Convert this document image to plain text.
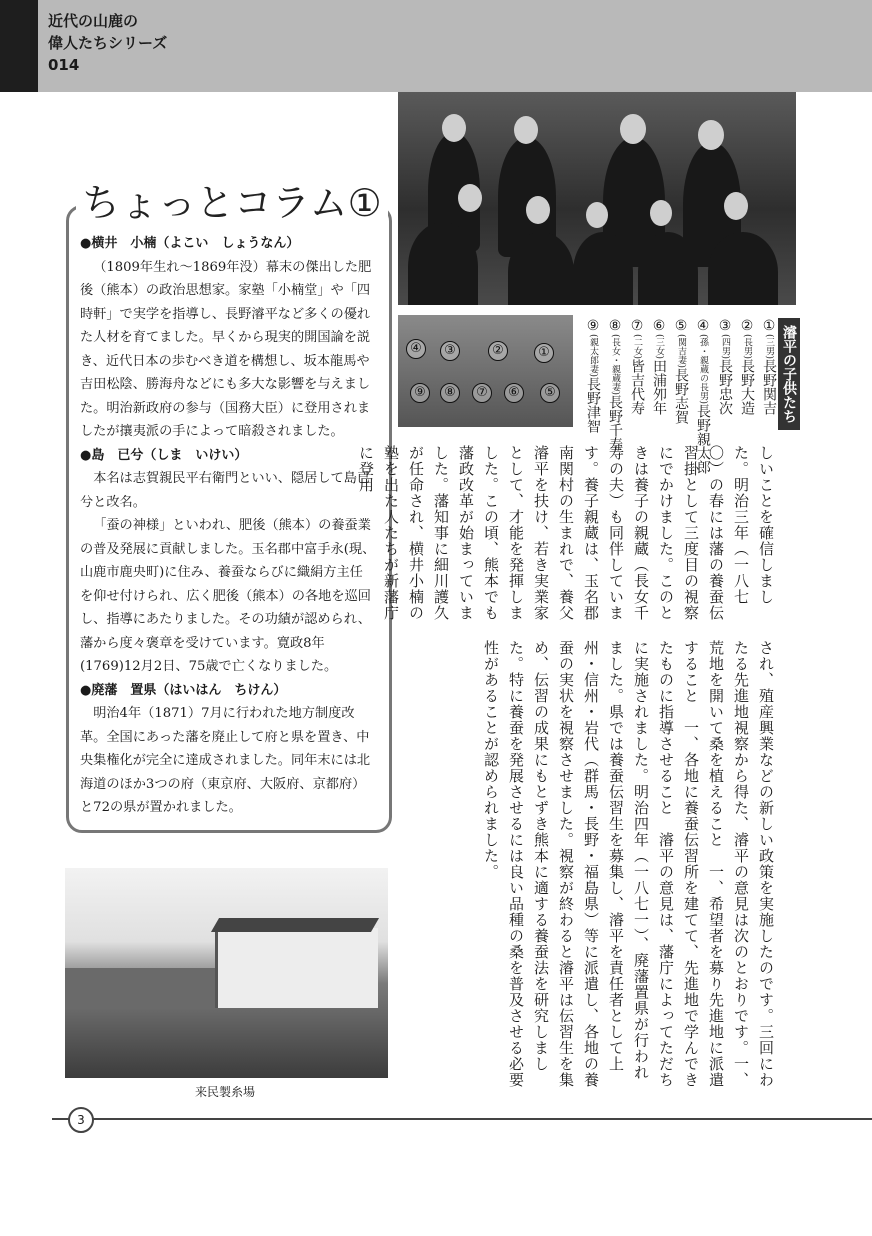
近代の山鹿の
偉人たちシリーズ
014
ちょっとコラム①

●横井　小楠（よこい　しょうなん）

（1809年生れ～1869年没）幕末の傑出した肥後（熊本）の政治思想家。家塾「小楠堂」や「四時軒」で実学を指導し、長野濬平など多くの優れた人材を育てました。早くから現実的開国論を説き、近代日本の歩むべき道を構想し、坂本龍馬や吉田松陰、勝海舟などにも多大な影響を与えました。明治新政府の参与（国務大臣）に登用されましたが攘夷派の手によって暗殺されました。

●島　已兮（しま　いけい）

本名は志賀親民平右衛門といい、隠居して島已兮と改名。

「蚕の神様」といわれ、肥後（熊本）の養蚕業の普及発展に貢献しました。玉名郡中富手永(現、山鹿市鹿央町)に住み、養蚕ならびに織絹方主任を仰せ付けられ、広く肥後（熊本）の各地を巡回し、指導にあたりました。その功績が認められ、藩から度々褒章を受けています。寛政8年(1769)12月2日、75歳で亡くなりました。

●廃藩　置県（はいはん　ちけん）

明治4年（1871）7月に行われた地方制度改革。全国にあった藩を廃止して府と県を置き、中央集権化が完全に達成されました。同年末には北海道のほか3つの府（東京府、大阪府、京都府）と72の県が置かれました。

①
②
③
④
⑤
⑥
⑦
⑧
⑨	濬平の子供たち
①(三男)長野関吉
②(長男)長野大造
③(四男)長野忠次
④(孫・親蔵の長男)長野親太郎
⑤(関吉妻)長野志賀
⑥(三女)田浦夘年
⑦(二女)皆吉代寿
⑧(長女・親蔵妻)長野千寿
⑨(親太郎妻)長野津智

しいことを確信しました。明治三年（一八七〇）の春には藩の養蚕伝習掛として三度目の視察にでかけました。このときは養子の親蔵（長女千寿の夫）も同伴しています。養子親蔵は、玉名郡南関村の生まれで、養父濬平を扶け、若き実業家として、才能を発揮しました。この頃、熊本でも藩政改革が始まっていました。藩知事に細川護久が任命され、横井小楠の塾を出た人たちが新藩庁に登用

され、殖産興業などの新しい政策を実施したのです。三回にわたる先進地視察から得た、濬平の意見は次のとおりです。一、荒地を開いて桑を植えること　一、希望者を募り先進地に派遣すること　一、各地に養蚕伝習所を建てて、先進地で学んできたものに指導させること　濬平の意見は、藩庁によってただちに実施されました。明治四年（一八七一）、廃藩置県が行われました。県では養蚕伝習生を募集し、濬平を責任者として上州・信州・岩代（群馬・長野・福島県）等に派遣し、各地の養蚕の実状を視察させました。視察が終わると濬平は伝習生を集め、伝習の成果にもとずき熊本に適する養蚕法を研究しました。特に養蚕を発展させるには良い品種の桑を普及させる必要性があることが認められました。

来民製糸場
3
